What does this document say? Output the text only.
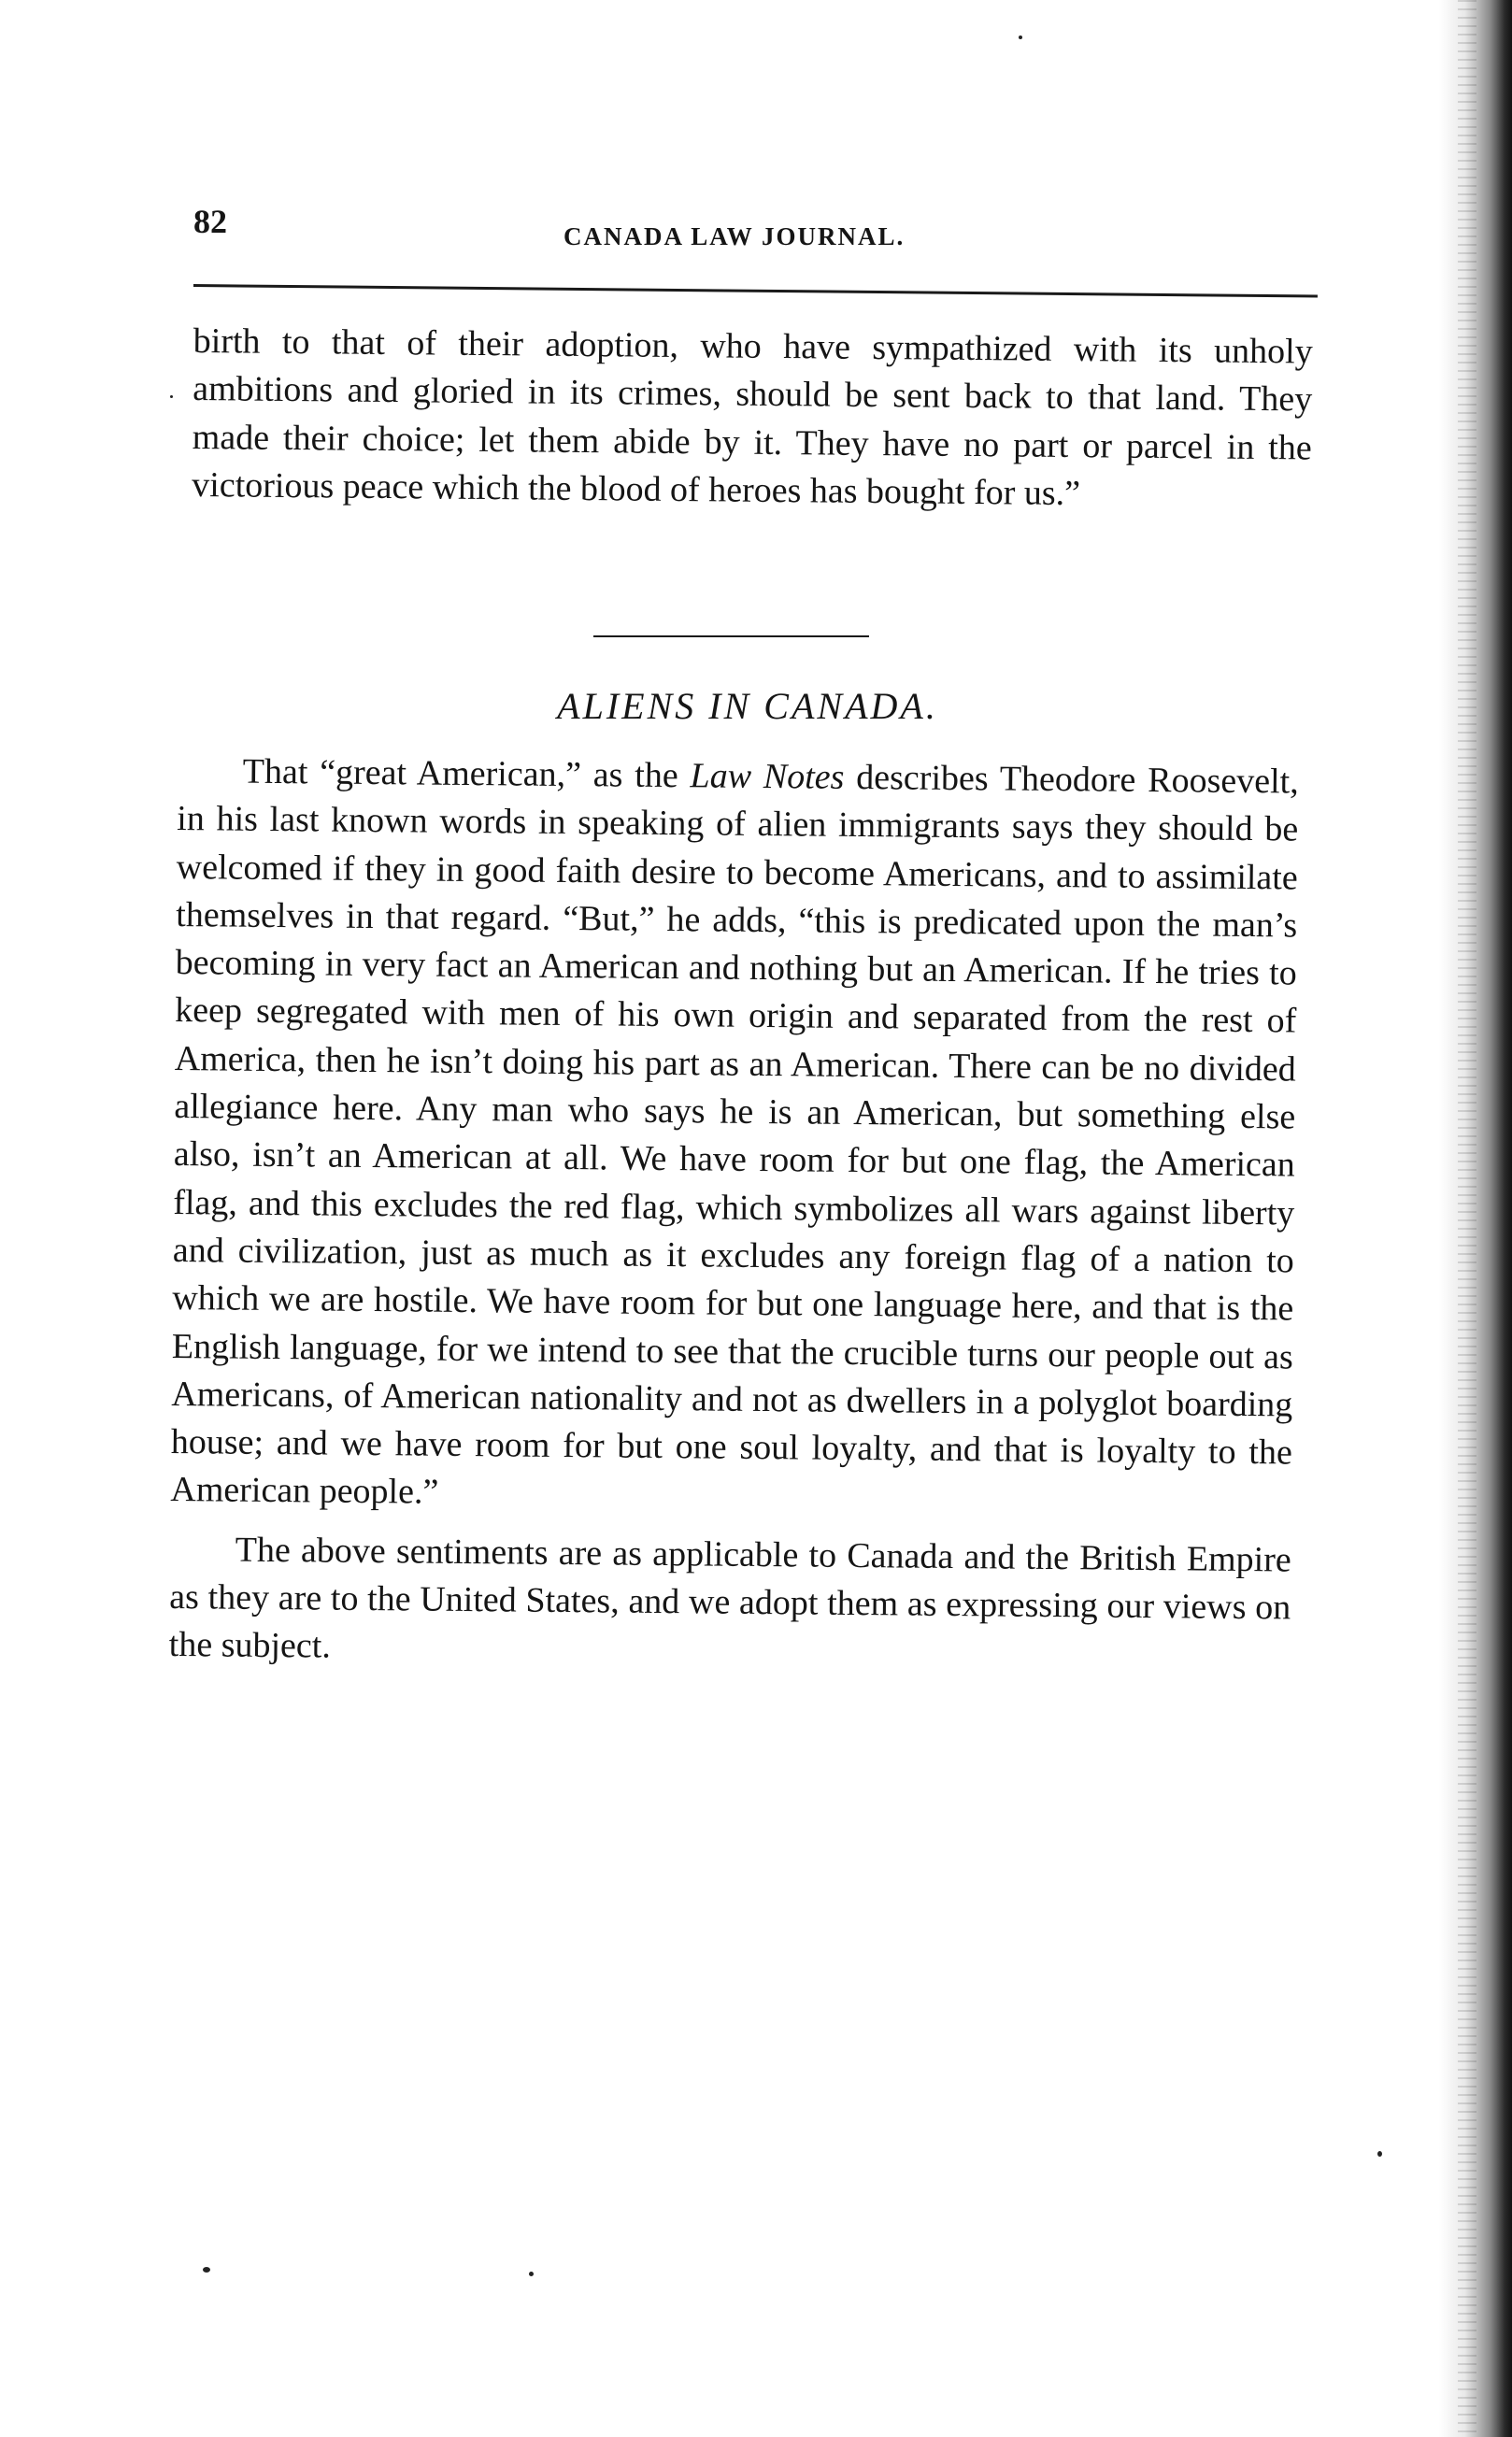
82	CANADA LAW JOURNAL.

birth to that of their adoption, who have sympathized with its unholy ambitions and gloried in its crimes, should be sent back to that land. They made their choice; let them abide by it. They have no part or parcel in the victorious peace which the blood of heroes has bought for us.”

ALIENS IN CANADA.

That “great American,” as the Law Notes describes Theodore Roosevelt, in his last known words in speaking of alien immigrants says they should be welcomed if they in good faith desire to become Americans, and to assimilate themselves in that regard. “But,” he adds, “this is predicated upon the man’s becoming in very fact an American and nothing but an American. If he tries to keep segregated with men of his own origin and separated from the rest of America, then he isn’t doing his part as an American. There can be no divided allegiance here. Any man who says he is an American, but something else also, isn’t an American at all. We have room for but one flag, the American flag, and this excludes the red flag, which symbolizes all wars against liberty and civilization, just as much as it excludes any foreign flag of a nation to which we are hostile. We have room for but one language here, and that is the English language, for we intend to see that the crucible turns our people out as Americans, of American nationality and not as dwellers in a polyglot boarding house; and we have room for but one soul loyalty, and that is loyalty to the American people.”

The above sentiments are as applicable to Canada and the British Empire as they are to the United States, and we adopt them as expressing our views on the subject.
